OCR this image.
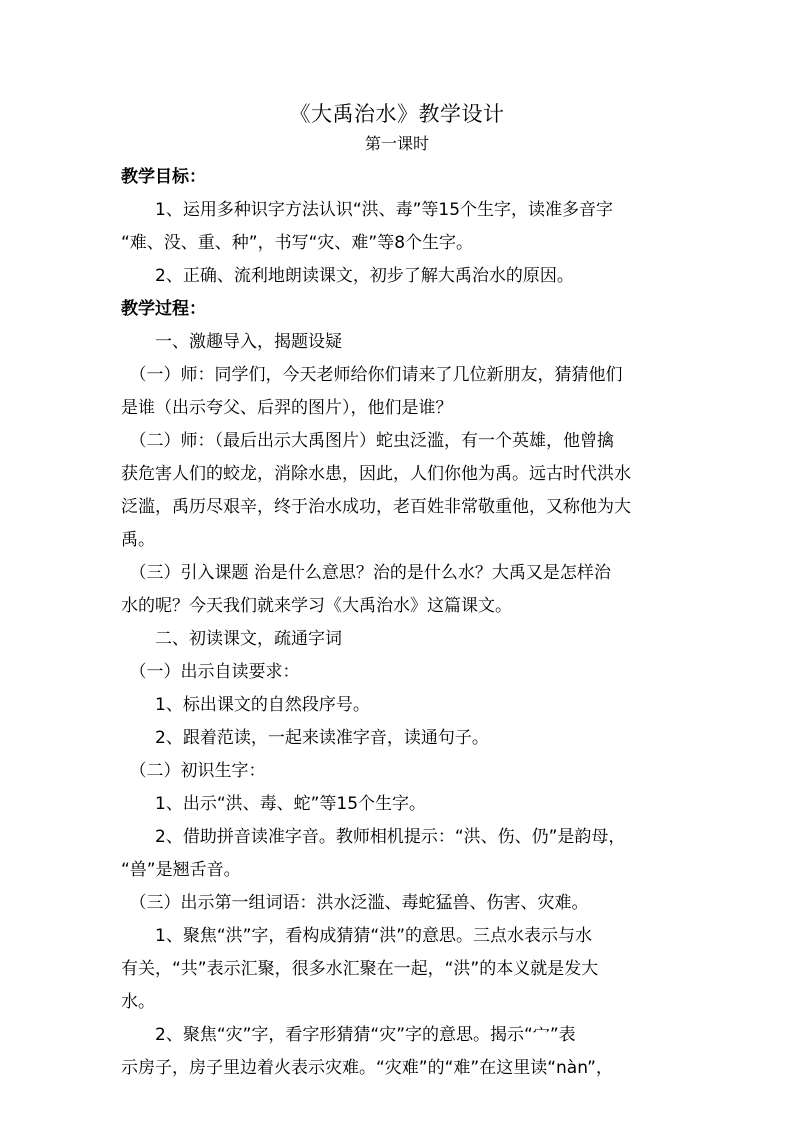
《大禹治水》教学设计
第一课时
教学目标：
　　1、运用多种识字方法认识“洪、毒”等15个生字，读准多音字
“难、没、重、种”，书写“灾、难”等8个生字。
　　2、正确、流利地朗读课文，初步了解大禹治水的原因。
教学过程：
　　一、激趣导入，揭题设疑
　（一）师：同学们，今天老师给你们请来了几位新朋友，猜猜他们
是谁（出示夸父、后羿的图片），他们是谁？
　（二）师：（最后出示大禹图片）蛇虫泛滥，有一个英雄，他曾擒
获危害人们的蛟龙，消除水患，因此，人们你他为禹。远古时代洪水
泛滥，禹历尽艰辛，终于治水成功，老百姓非常敬重他，又称他为大
禹。
　（三）引入课题 治是什么意思？治的是什么水？大禹又是怎样治
水的呢？今天我们就来学习《大禹治水》这篇课文。
　　二、初读课文，疏通字词
　（一）出示自读要求：
　　1、标出课文的自然段序号。
　　2、跟着范读，一起来读准字音，读通句子。
　（二）初识生字：
　　1、出示“洪、毒、蛇”等15个生字。
　　2、借助拼音读准字音。教师相机提示：“洪、伤、仍”是韵母，
“兽”是翘舌音。
　（三）出示第一组词语：洪水泛滥、毒蛇猛兽、伤害、灾难。
　　1、聚焦“洪”字，看构成猜猜“洪”的意思。三点水表示与水
有关，“共”表示汇聚，很多水汇聚在一起，“洪”的本义就是发大
水。
　　2、聚焦“灾”字，看字形猜猜“灾”字的意思。揭示“宀”表
示房子，房子里边着火表示灾难。“灾难”的“难”在这里读“nàn”，
